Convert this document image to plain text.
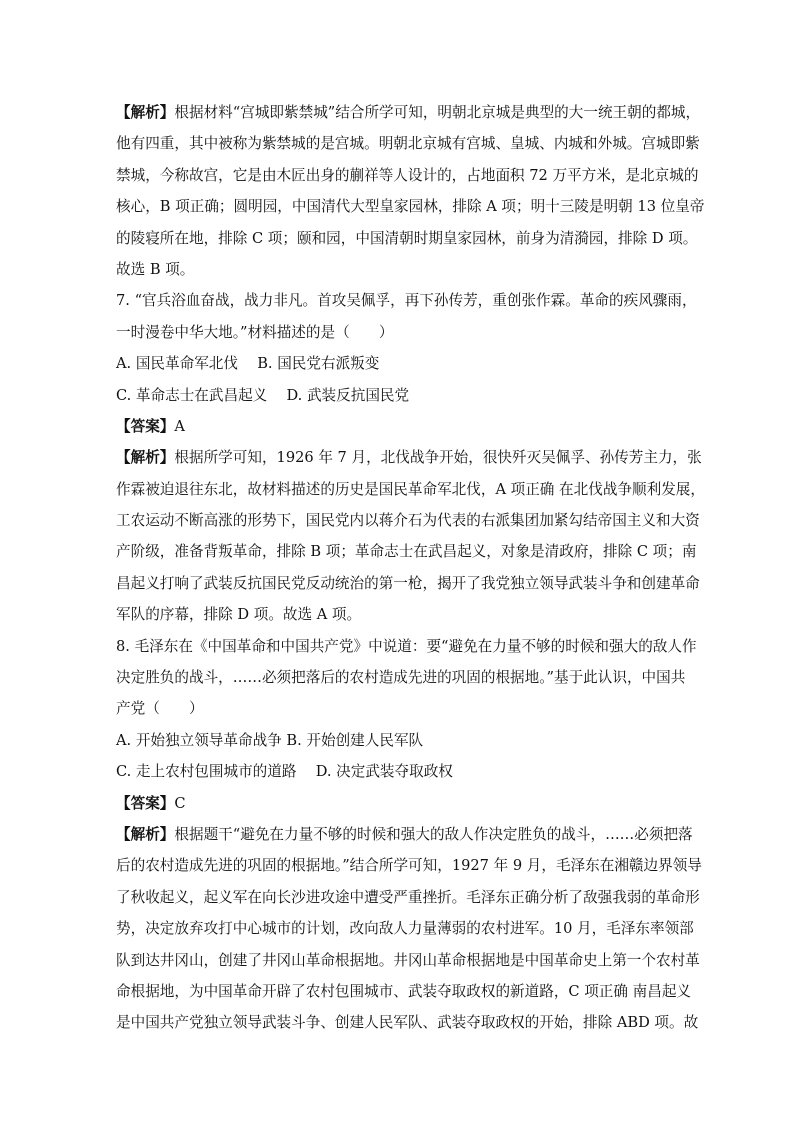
【解析】根据材料“宫城即紫禁城”结合所学可知，明朝北京城是典型的大一统王朝的都城，
他有四重，其中被称为紫禁城的是宫城。明朝北京城有宫城、皇城、内城和外城。宫城即紫
禁城，今称故宫，它是由木匠出身的蒯祥等人设计的，占地面积 72 万平方米，是北京城的
核心，B 项正确；圆明园，中国清代大型皇家园林，排除 A 项；明十三陵是明朝 13 位皇帝
的陵寝所在地，排除 C 项；颐和园，中国清朝时期皇家园林，前身为清漪园，排除 D 项。
故选 B 项。
7. “官兵浴血奋战，战力非凡。首攻吴佩孚，再下孙传芳，重创张作霖。革命的疾风骤雨，
一时漫卷中华大地。”材料描述的是（　　）
A. 国民革命军北伐　 B. 国民党右派叛变
C. 革命志士在武昌起义　 D. 武装反抗国民党
【答案】A
【解析】根据所学可知，1926 年 7 月，北伐战争开始，很快歼灭吴佩孚、孙传芳主力，张
作霖被迫退往东北，故材料描述的历史是国民革命军北伐，A 项正确 在北伐战争顺利发展，
工农运动不断高涨的形势下，国民党内以蒋介石为代表的右派集团加紧勾结帝国主义和大资
产阶级，准备背叛革命，排除 B 项；革命志士在武昌起义，对象是清政府，排除 C 项；南
昌起义打响了武装反抗国民党反动统治的第一枪，揭开了我党独立领导武装斗争和创建革命
军队的序幕，排除 D 项。故选 A 项。
8. 毛泽东在《中国革命和中国共产党》中说道：要“避免在力量不够的时候和强大的敌人作
决定胜负的战斗，……必须把落后的农村造成先进的巩固的根据地。”基于此认识，中国共
产党（　　）
A. 开始独立领导革命战争 B. 开始创建人民军队
C. 走上农村包围城市的道路　 D. 决定武装夺取政权
【答案】C
【解析】根据题干“避免在力量不够的时候和强大的敌人作决定胜负的战斗，……必须把落
后的农村造成先进的巩固的根据地。”结合所学可知，1927 年 9 月，毛泽东在湘赣边界领导
了秋收起义，起义军在向长沙进攻途中遭受严重挫折。毛泽东正确分析了敌强我弱的革命形
势，决定放弃攻打中心城市的计划，改向敌人力量薄弱的农村进军。10 月，毛泽东率领部
队到达井冈山，创建了井冈山革命根据地。井冈山革命根据地是中国革命史上第一个农村革
命根据地，为中国革命开辟了农村包围城市、武装夺取政权的新道路，C 项正确 南昌起义
是中国共产党独立领导武装斗争、创建人民军队、武装夺取政权的开始，排除 ABD 项。故
